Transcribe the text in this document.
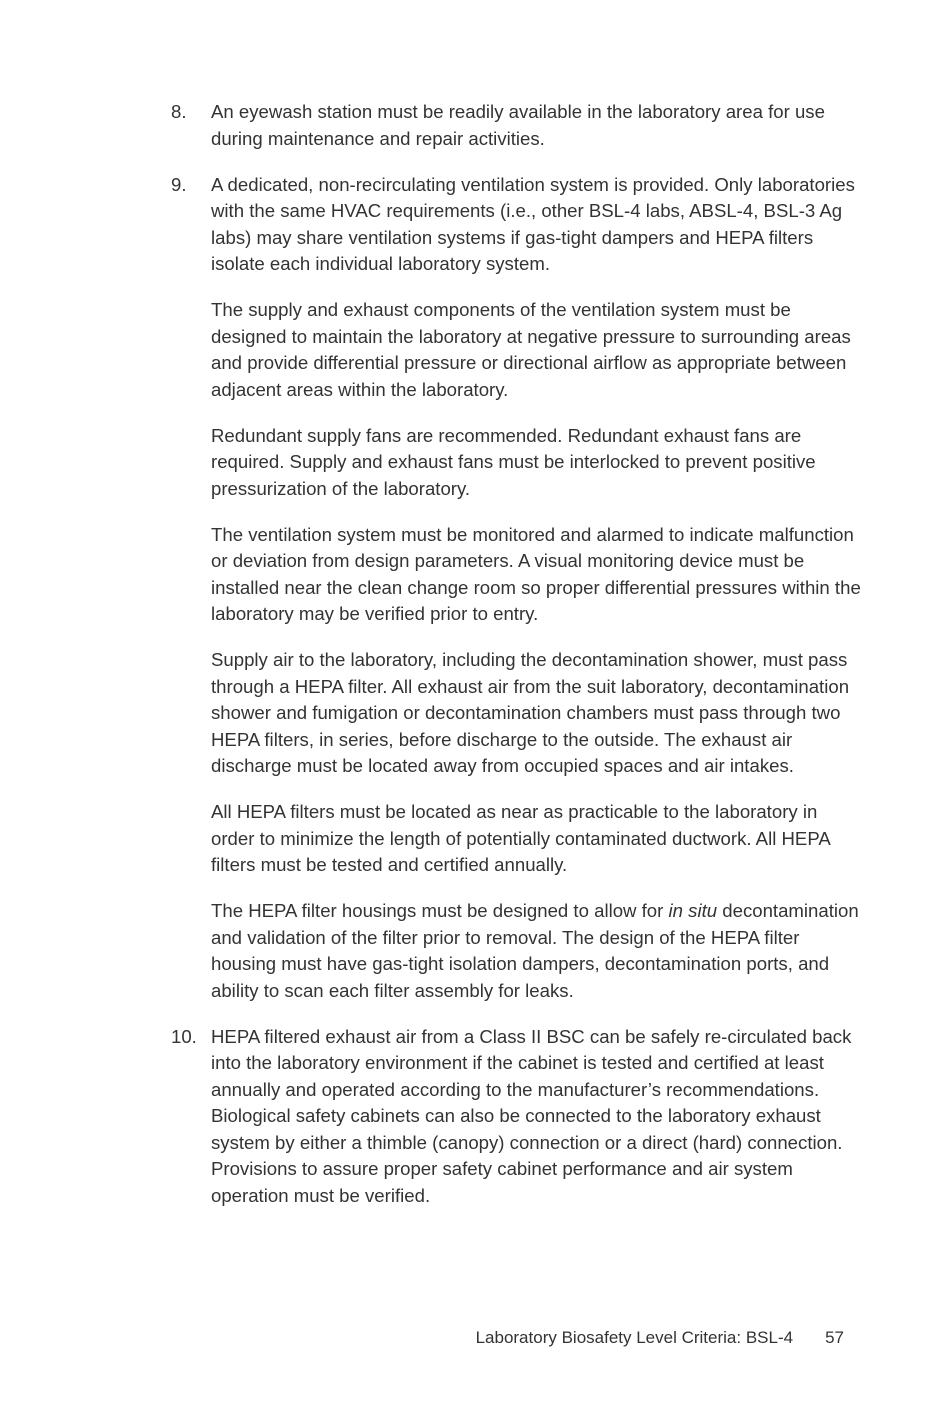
8.	An eyewash station must be readily available in the laboratory area for use during maintenance and repair activities.

9.	A dedicated, non-recirculating ventilation system is provided. Only laboratories with the same HVAC requirements (i.e., other BSL-4 labs, ABSL-4, BSL-3 Ag labs) may share ventilation systems if gas-tight dampers and HEPA filters isolate each individual laboratory system.

The supply and exhaust components of the ventilation system must be designed to maintain the laboratory at negative pressure to surrounding areas and provide differential pressure or directional airflow as appropriate between adjacent areas within the laboratory.

Redundant supply fans are recommended. Redundant exhaust fans are required. Supply and exhaust fans must be interlocked to prevent positive pressurization of the laboratory.

The ventilation system must be monitored and alarmed to indicate malfunction or deviation from design parameters. A visual monitoring device must be installed near the clean change room so proper differential pressures within the laboratory may be verified prior to entry.

Supply air to the laboratory, including the decontamination shower, must pass through a HEPA filter. All exhaust air from the suit laboratory, decontamination shower and fumigation or decontamination chambers must pass through two HEPA filters, in series, before discharge to the outside. The exhaust air discharge must be located away from occupied spaces and air intakes.

All HEPA filters must be located as near as practicable to the laboratory in order to minimize the length of potentially contaminated ductwork. All HEPA filters must be tested and certified annually.

The HEPA filter housings must be designed to allow for in situ decontamination and validation of the filter prior to removal. The design of the HEPA filter housing must have gas-tight isolation dampers, decontamination ports, and ability to scan each filter assembly for leaks.

10. HEPA filtered exhaust air from a Class II BSC can be safely re-circulated back into the laboratory environment if the cabinet is tested and certified at least annually and operated according to the manufacturer’s recommendations. Biological safety cabinets can also be connected to the laboratory exhaust system by either a thimble (canopy) connection or a direct (hard) connection. Provisions to assure proper safety cabinet performance and air system operation must be verified.

Laboratory Biosafety Level Criteria: BSL-4 57
